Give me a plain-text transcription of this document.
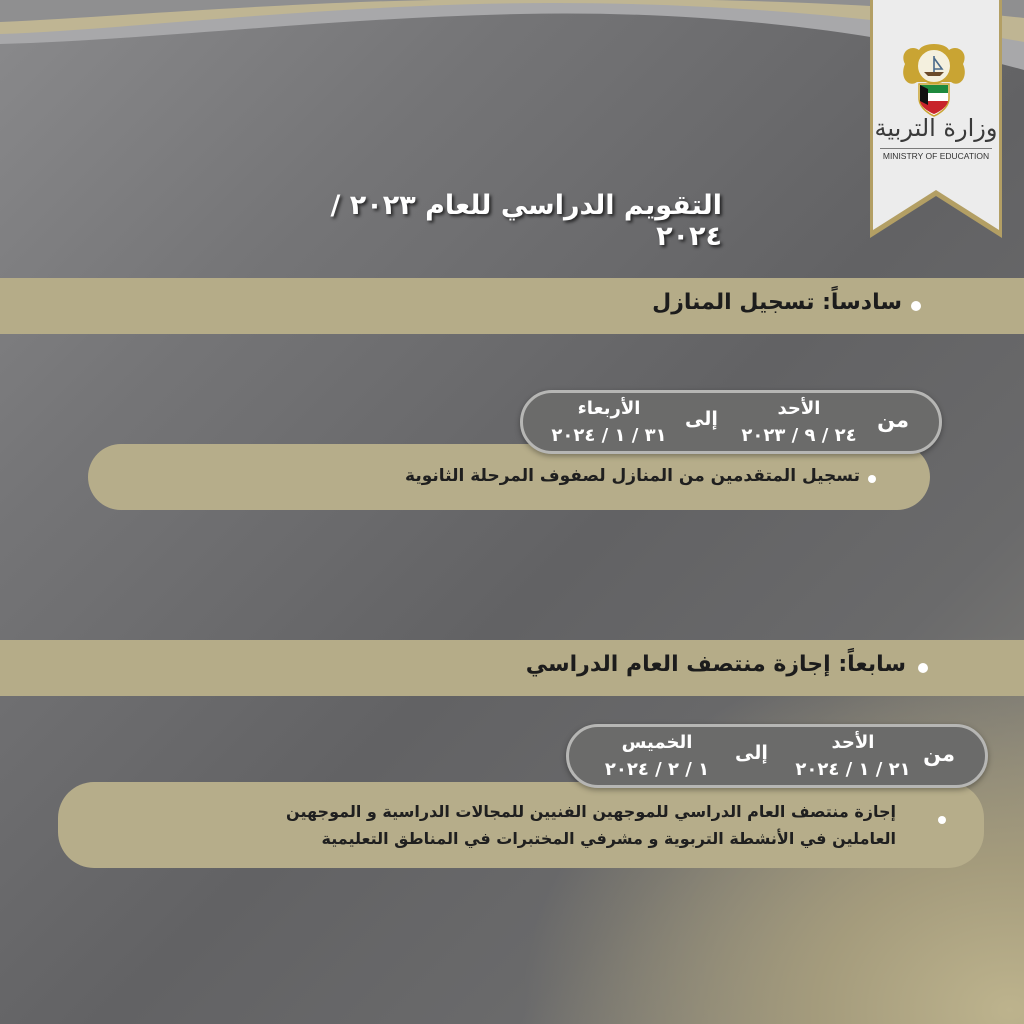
وزارة التربية
MINISTRY OF EDUCATION
التقويم الدراسي للعام ٢٠٢٣ / ٢٠٢٤
سادساً: تسجيل المنازل
تسجيل المتقدمين من المنازل لصفوف المرحلة الثانوية
من
الأحد
٢٤ / ٩ / ٢٠٢٣
إلى
الأربعاء
٣١ / ١ / ٢٠٢٤
سابعاً: إجازة منتصف العام الدراسي
إجازة منتصف العام الدراسي للموجهين الفنيين للمجالات الدراسية و الموجهين
العاملين في الأنشطة التربوية و مشرفي المختبرات في المناطق التعليمية
من
الأحد
٢١ / ١ / ٢٠٢٤
إلى
الخميس
١ / ٢ / ٢٠٢٤
